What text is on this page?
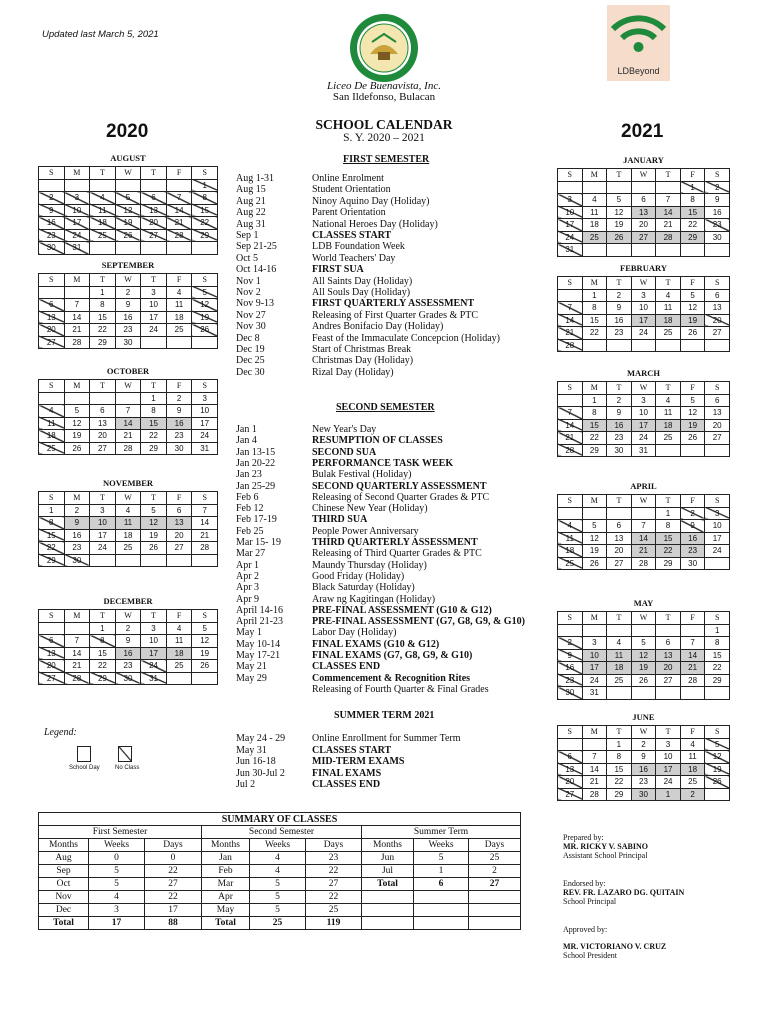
Updated last March 5, 2021
LDBeyond
Liceo De Buenavista, Inc.
San Ildefonso, Bulacan
2020	2021
SCHOOL CALENDAR
S. Y. 2020 – 2021
AUGUST
S	M	T	W	T	F	S
						1
2	3	4	5	6	7	8
9	10	11	12	13	14	15
16	17	18	19	20	21	22
23	24	25	26	27	28	29
30	31					
SEPTEMBER
S	M	T	W	T	F	S
		1	2	3	4	5
6	7	8	9	10	11	12
13	14	15	16	17	18	19
20	21	22	23	24	25	26
27	28	29	30			
OCTOBER
S	M	T	W	T	F	S
				1	2	3
4	5	6	7	8	9	10
11	12	13	14	15	16	17
18	19	20	21	22	23	24
25	26	27	28	29	30	31
NOVEMBER
S	M	T	W	T	F	S
1	2	3	4	5	6	7
8	9	10	11	12	13	14
15	16	17	18	19	20	21
22	23	24	25	26	27	28
29	30					
DECEMBER
S	M	T	W	T	F	S
		1	2	3	4	5
6	7	8	9	10	11	12
13	14	15	16	17	18	19
20	21	22	23	24	25	26
27	28	29	30	31		
JANUARY
S	M	T	W	T	F	S
					1	2
3	4	5	6	7	8	9
10	11	12	13	14	15	16
17	18	19	20	21	22	23
24	25	26	27	28	29	30
31						
FEBRUARY
S	M	T	W	T	F	S
	1	2	3	4	5	6
7	8	9	10	11	12	13
14	15	16	17	18	19	20
21	22	23	24	25	26	27
28						
MARCH
S	M	T	W	T	F	S
	1	2	3	4	5	6
7	8	9	10	11	12	13
14	15	16	17	18	19	20
21	22	23	24	25	26	27
28	29	30	31			
APRIL
S	M	T	W	T	F	S
				1	2	3
4	5	6	7	8	9	10
11	12	13	14	15	16	17
18	19	20	21	22	23	24
25	26	27	28	29	30	
MAY
S	M	T	W	T	F	S
						1
2	3	4	5	6	7	8
9	10	11	12	13	14	15
16	17	18	19	20	21	22
23	24	25	26	27	28	29
30	31					
JUNE
S	M	T	W	T	F	S
		1	2	3	4	5
6	7	8	9	10	11	12
13	14	15	16	17	18	19
20	21	22	23	24	25	26
27	28	29	30	1	2	
FIRST SEMESTER
Aug 1-31	Online Enrolment
Aug 15	Student Orientation
Aug 21	Ninoy Aquino Day (Holiday)
Aug 22	Parent Orientation
Aug 31	National Heroes Day (Holiday)
Sep 1	CLASSES START
Sep 21-25	LDB Foundation Week
Oct 5	World Teachers' Day
Oct 14-16	FIRST SUA
Nov 1	All Saints Day (Holiday)
Nov 2	All Souls Day (Holiday)
Nov 9-13	FIRST QUARTERLY ASSESSMENT
Nov 27	Releasing of First Quarter Grades & PTC
Nov 30	Andres Bonifacio Day (Holiday)
Dec 8	Feast of the Immaculate Concepcion (Holiday)
Dec 19	Start of Christmas Break
Dec 25	Christmas Day (Holiday)
Dec 30	Rizal Day (Holiday)
SECOND SEMESTER
Jan 1	New Year's Day
Jan 4	RESUMPTION OF CLASSES
Jan 13-15	SECOND SUA
Jan 20-22	PERFORMANCE TASK WEEK
Jan 23	Bulak Festival (Holiday)
Jan 25-29	SECOND QUARTERLY ASSESSMENT
Feb 6	Releasing of Second Quarter Grades & PTC
Feb 12	Chinese New Year (Holiday)
Feb 17-19	THIRD SUA
Feb 25	People Power Anniversary
Mar 15- 19	THIRD QUARTERLY ASSESSMENT
Mar 27	Releasing of Third Quarter Grades & PTC
Apr 1	Maundy Thursday (Holiday)
Apr 2	Good Friday (Holiday)
Apr 3	Black Saturday (Holiday)
Apr 9	Araw ng Kagitingan (Holiday)
April 14-16	PRE-FINAL ASSESSMENT (G10 & G12)
April 21-23	PRE-FINAL ASSESSMENT (G7, G8, G9, & G10)
May 1	Labor Day (Holiday)
May 10-14	FINAL EXAMS (G10 & G12)
May 17-21	FINAL EXAMS (G7, G8, G9, & G10)
May 21	CLASSES END
May 29	Commencement & Recognition Rites
Releasing of Fourth Quarter & Final Grades
SUMMER TERM 2021
May 24 - 29	Online Enrollment for Summer Term
May 31	CLASSES START
Jun 16-18	MID-TERM EXAMS
Jun 30-Jul 2	FINAL EXAMS
Jul 2	CLASSES END
Legend:
School Day	No Class
SUMMARY OF CLASSES								
First Semester			Second Semester			Summer Term		
Months	Weeks	Days	Months	Weeks	Days	Months	Weeks	Days
Aug	0	0	Jan	4	23	Jun	5	25
Sep	5	22	Feb	4	22	Jul	1	2
Oct	5	27	Mar	5	27	Total	6	27
Nov	4	22	Apr	5	22			
Dec	3	17	May	5	25			
Total	17	88	Total	25	119			
Prepared by:
MR. RICKY V. SABINO
Assistant School Principal
Endorsed by:
REV. FR. LAZARO DG. QUITAIN
School Principal
Approved by:
MR. VICTORIANO V. CRUZ
School President
